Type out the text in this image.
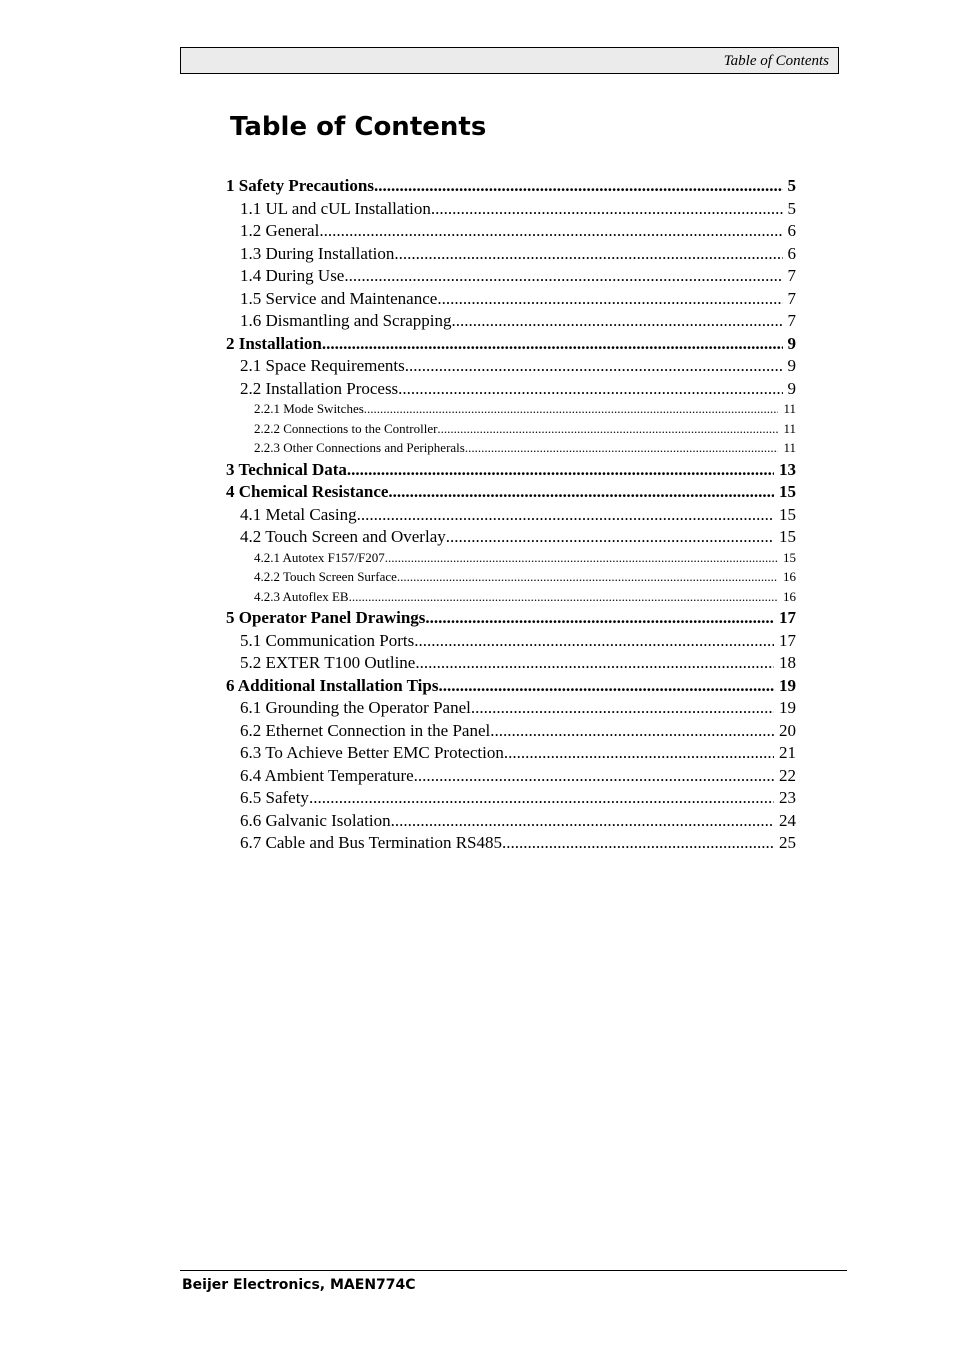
Table of Contents
Table of Contents
1 Safety Precautions .....	5
1.1 UL and cUL Installation .....	5
1.2 General .....	6
1.3 During Installation .....	6
1.4 During Use .....	7
1.5 Service and Maintenance .....	7
1.6 Dismantling and Scrapping .....	7
2 Installation .....	9
2.1 Space Requirements .....	9
2.2 Installation Process .....	9
2.2.1 Mode Switches .....	11
2.2.2 Connections to the Controller .....	11
2.2.3 Other Connections and Peripherals .....	11
3 Technical Data .....	13
4 Chemical Resistance .....	15
4.1 Metal Casing .....	15
4.2 Touch Screen and Overlay .....	15
4.2.1 Autotex F157/F207 .....	15
4.2.2 Touch Screen Surface .....	16
4.2.3 Autoflex EB .....	16
5 Operator Panel Drawings .....	17
5.1 Communication Ports .....	17
5.2 EXTER T100 Outline .....	18
6 Additional Installation Tips .....	19
6.1 Grounding the Operator Panel .....	19
6.2 Ethernet Connection in the Panel .....	20
6.3 To Achieve Better EMC Protection .....	21
6.4 Ambient Temperature .....	22
6.5 Safety .....	23
6.6 Galvanic Isolation .....	24
6.7 Cable and Bus Termination RS485 .....	25
Beijer Electronics, MAEN774C
